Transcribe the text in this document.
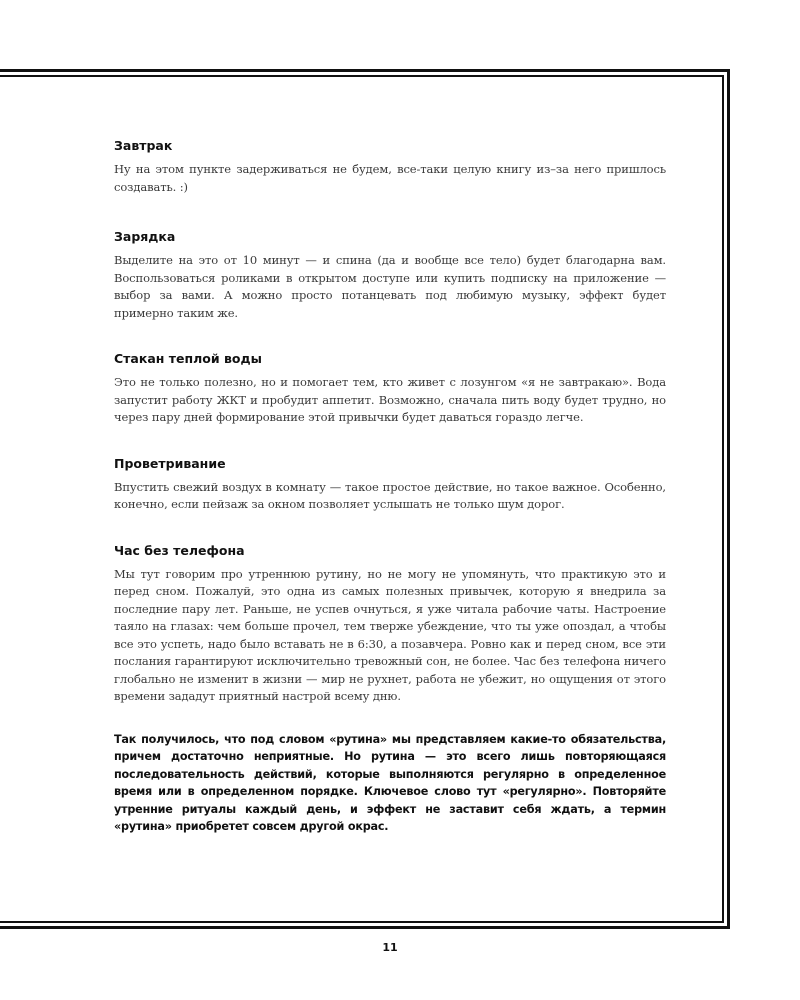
Завтрак

Ну на этом пункте задерживаться не будем, все-таки целую книгу из–за него пришлось создавать. :)

Зарядка

Выделите на это от 10 минут — и спина (да и вообще все тело) будет благодарна вам. Воспользоваться роликами в открытом доступе или купить подписку на приложение — выбор за вами. А можно просто потанцевать под любимую музыку, эффект будет примерно таким же.

Стакан теплой воды

Это не только полезно, но и помогает тем, кто живет с лозунгом «я не завтракаю». Вода запустит работу ЖКТ и пробудит аппетит. Возможно, сначала пить воду будет трудно, но через пару дней формирование этой привычки будет даваться гораздо легче.

Проветривание

Впустить свежий воздух в комнату — такое простое действие, но такое важное. Особенно, конечно, если пейзаж за окном позволяет услышать не только шум дорог.

Час без телефона

Мы тут говорим про утреннюю рутину, но не могу не упомянуть, что практикую это и перед сном. Пожалуй, это одна из самых полезных привычек, которую я внедрила за последние пару лет. Раньше, не успев очнуться, я уже читала рабочие чаты. Настроение таяло на глазах: чем больше прочел, тем тверже убеждение, что ты уже опоздал, а чтобы все это успеть, надо было вставать не в 6:30, а позавчера. Ровно как и перед сном, все эти послания гарантируют исключительно тревожный сон, не более. Час без телефона ничего глобально не изменит в жизни — мир не рухнет, работа не убежит, но ощущения от этого времени зададут приятный настрой всему дню.

Так получилось, что под словом «рутина» мы представляем какие-то обязательства, причем достаточно неприятные. Но рутина — это всего лишь повторяющаяся последовательность действий, которые выполняются регулярно в определенное время или в определенном порядке. Ключевое слово тут «регулярно». Повторяйте утренние ритуалы каждый день, и эффект не заставит себя ждать, а термин «рутина» приобретет совсем другой окрас.

11
